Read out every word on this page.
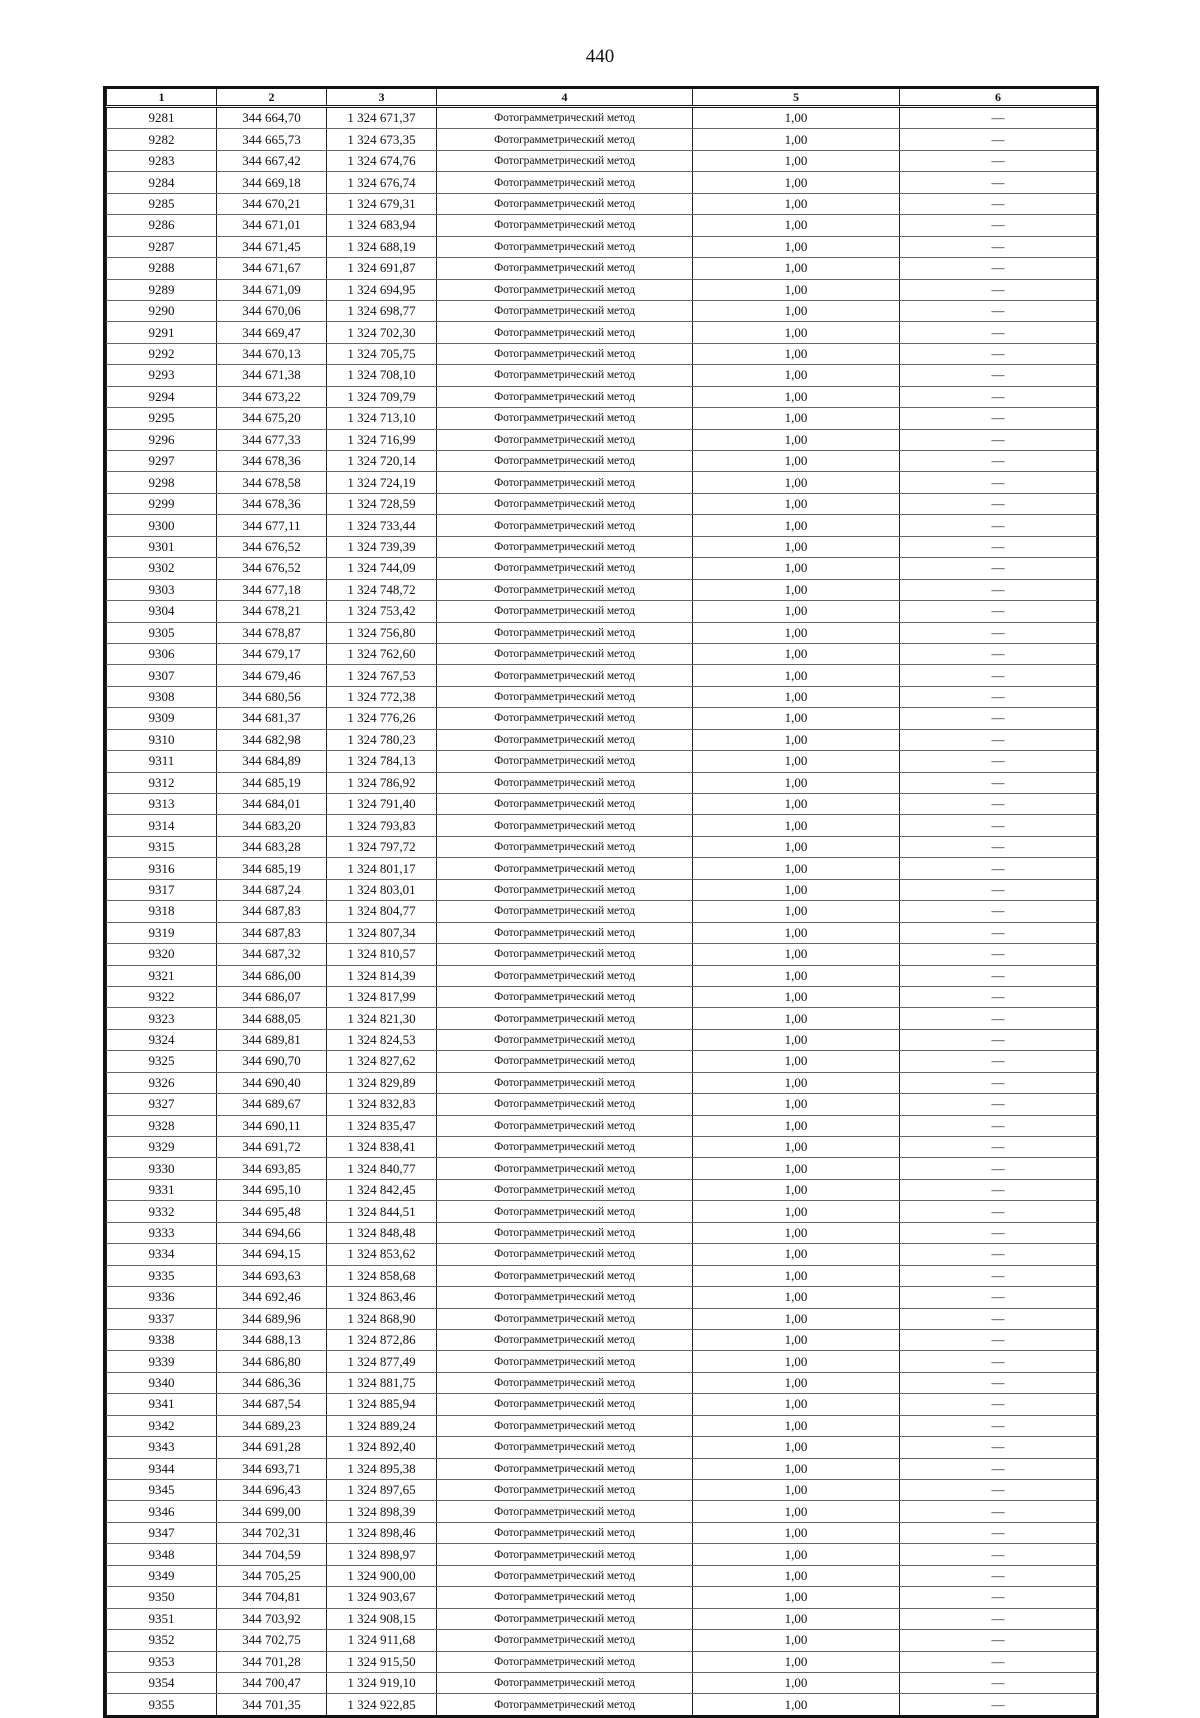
440
1	2	3	4	5	6
9281	344 664,70	1 324 671,37	Фотограмметрический метод	1,00	—
9282	344 665,73	1 324 673,35	Фотограмметрический метод	1,00	—
9283	344 667,42	1 324 674,76	Фотограмметрический метод	1,00	—
9284	344 669,18	1 324 676,74	Фотограмметрический метод	1,00	—
9285	344 670,21	1 324 679,31	Фотограмметрический метод	1,00	—
9286	344 671,01	1 324 683,94	Фотограмметрический метод	1,00	—
9287	344 671,45	1 324 688,19	Фотограмметрический метод	1,00	—
9288	344 671,67	1 324 691,87	Фотограмметрический метод	1,00	—
9289	344 671,09	1 324 694,95	Фотограмметрический метод	1,00	—
9290	344 670,06	1 324 698,77	Фотограмметрический метод	1,00	—
9291	344 669,47	1 324 702,30	Фотограмметрический метод	1,00	—
9292	344 670,13	1 324 705,75	Фотограмметрический метод	1,00	—
9293	344 671,38	1 324 708,10	Фотограмметрический метод	1,00	—
9294	344 673,22	1 324 709,79	Фотограмметрический метод	1,00	—
9295	344 675,20	1 324 713,10	Фотограмметрический метод	1,00	—
9296	344 677,33	1 324 716,99	Фотограмметрический метод	1,00	—
9297	344 678,36	1 324 720,14	Фотограмметрический метод	1,00	—
9298	344 678,58	1 324 724,19	Фотограмметрический метод	1,00	—
9299	344 678,36	1 324 728,59	Фотограмметрический метод	1,00	—
9300	344 677,11	1 324 733,44	Фотограмметрический метод	1,00	—
9301	344 676,52	1 324 739,39	Фотограмметрический метод	1,00	—
9302	344 676,52	1 324 744,09	Фотограмметрический метод	1,00	—
9303	344 677,18	1 324 748,72	Фотограмметрический метод	1,00	—
9304	344 678,21	1 324 753,42	Фотограмметрический метод	1,00	—
9305	344 678,87	1 324 756,80	Фотограмметрический метод	1,00	—
9306	344 679,17	1 324 762,60	Фотограмметрический метод	1,00	—
9307	344 679,46	1 324 767,53	Фотограмметрический метод	1,00	—
9308	344 680,56	1 324 772,38	Фотограмметрический метод	1,00	—
9309	344 681,37	1 324 776,26	Фотограмметрический метод	1,00	—
9310	344 682,98	1 324 780,23	Фотограмметрический метод	1,00	—
9311	344 684,89	1 324 784,13	Фотограмметрический метод	1,00	—
9312	344 685,19	1 324 786,92	Фотограмметрический метод	1,00	—
9313	344 684,01	1 324 791,40	Фотограмметрический метод	1,00	—
9314	344 683,20	1 324 793,83	Фотограмметрический метод	1,00	—
9315	344 683,28	1 324 797,72	Фотограмметрический метод	1,00	—
9316	344 685,19	1 324 801,17	Фотограмметрический метод	1,00	—
9317	344 687,24	1 324 803,01	Фотограмметрический метод	1,00	—
9318	344 687,83	1 324 804,77	Фотограмметрический метод	1,00	—
9319	344 687,83	1 324 807,34	Фотограмметрический метод	1,00	—
9320	344 687,32	1 324 810,57	Фотограмметрический метод	1,00	—
9321	344 686,00	1 324 814,39	Фотограмметрический метод	1,00	—
9322	344 686,07	1 324 817,99	Фотограмметрический метод	1,00	—
9323	344 688,05	1 324 821,30	Фотограмметрический метод	1,00	—
9324	344 689,81	1 324 824,53	Фотограмметрический метод	1,00	—
9325	344 690,70	1 324 827,62	Фотограмметрический метод	1,00	—
9326	344 690,40	1 324 829,89	Фотограмметрический метод	1,00	—
9327	344 689,67	1 324 832,83	Фотограмметрический метод	1,00	—
9328	344 690,11	1 324 835,47	Фотограмметрический метод	1,00	—
9329	344 691,72	1 324 838,41	Фотограмметрический метод	1,00	—
9330	344 693,85	1 324 840,77	Фотограмметрический метод	1,00	—
9331	344 695,10	1 324 842,45	Фотограмметрический метод	1,00	—
9332	344 695,48	1 324 844,51	Фотограмметрический метод	1,00	—
9333	344 694,66	1 324 848,48	Фотограмметрический метод	1,00	—
9334	344 694,15	1 324 853,62	Фотограмметрический метод	1,00	—
9335	344 693,63	1 324 858,68	Фотограмметрический метод	1,00	—
9336	344 692,46	1 324 863,46	Фотограмметрический метод	1,00	—
9337	344 689,96	1 324 868,90	Фотограмметрический метод	1,00	—
9338	344 688,13	1 324 872,86	Фотограмметрический метод	1,00	—
9339	344 686,80	1 324 877,49	Фотограмметрический метод	1,00	—
9340	344 686,36	1 324 881,75	Фотограмметрический метод	1,00	—
9341	344 687,54	1 324 885,94	Фотограмметрический метод	1,00	—
9342	344 689,23	1 324 889,24	Фотограмметрический метод	1,00	—
9343	344 691,28	1 324 892,40	Фотограмметрический метод	1,00	—
9344	344 693,71	1 324 895,38	Фотограмметрический метод	1,00	—
9345	344 696,43	1 324 897,65	Фотограмметрический метод	1,00	—
9346	344 699,00	1 324 898,39	Фотограмметрический метод	1,00	—
9347	344 702,31	1 324 898,46	Фотограмметрический метод	1,00	—
9348	344 704,59	1 324 898,97	Фотограмметрический метод	1,00	—
9349	344 705,25	1 324 900,00	Фотограмметрический метод	1,00	—
9350	344 704,81	1 324 903,67	Фотограмметрический метод	1,00	—
9351	344 703,92	1 324 908,15	Фотограмметрический метод	1,00	—
9352	344 702,75	1 324 911,68	Фотограмметрический метод	1,00	—
9353	344 701,28	1 324 915,50	Фотограмметрический метод	1,00	—
9354	344 700,47	1 324 919,10	Фотограмметрический метод	1,00	—
9355	344 701,35	1 324 922,85	Фотограмметрический метод	1,00	—
